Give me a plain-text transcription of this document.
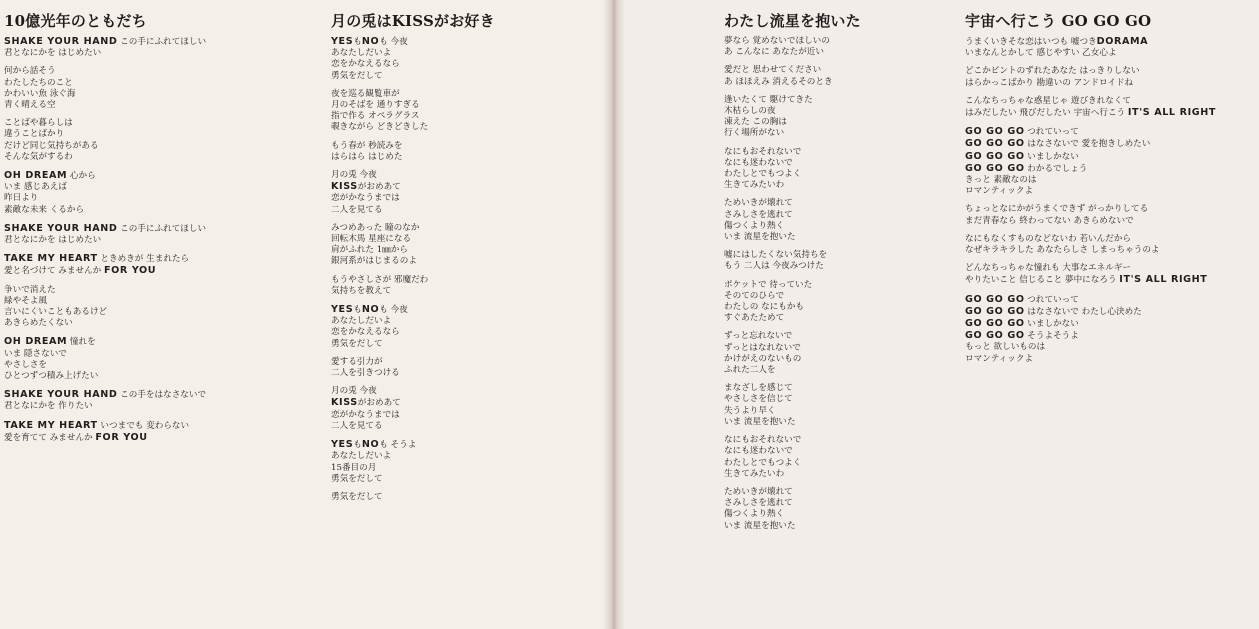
10億光年のともだち
SHAKE YOUR HAND この手にふれてほしい
君となにかを はじめたい
何から話そう
わたしたちのこと
かわいい魚 泳ぐ海
青く晴える空
ことばや暮らしは
違うことばかり
だけど同じ気持ちがある
そんな気がするわ
OH DREAM 心から
いま 感じあえば
昨日より
素敵な未来 くるから
SHAKE YOUR HAND この手にふれてほしい
君となにかを はじめたい
TAKE MY HEART ときめきが 生まれたら
愛と名づけて みませんか FOR YOU
争いで消えた
緑やそよ風
言いにくいこともあるけど
あきらめたくない
OH DREAM 憧れを
いま 隠さないで
やさしさを
ひとつずつ積み上げたい
SHAKE YOUR HAND この手をはなさないで
君となにかを 作りたい
TAKE MY HEART いつまでも 変わらない
愛を育てて みませんか FOR YOU
月の兎はKISSがお好き
YESもNOも 今夜
あなたしだいよ
恋をかなえるなら
勇気をだして
夜を巡る観覧車が
月のそばを 通りすぎる
指で作る オペラグラス
覗きながら どきどきした
もう春が 秒読みを
はらはら はじめた
月の兎 今夜
KISSがおめあて
恋がかなうまでは
二人を見てる
みつめあった 瞳のなか
回転木馬 星座になる
肩がふれた 1㎜から
銀河系がはじまるのよ
もうやさしさが 邪魔だわ
気持ちを教えて
YESもNOも 今夜
あなたしだいよ
恋をかなえるなら
勇気をだして
愛する引力が
二人を引きつける
月の兎 今夜
KISSがおめあて
恋がかなうまでは
二人を見てる
YESもNOも そうよ
あなたしだいよ
15番目の月
勇気をだして
勇気をだして
わたし流星を抱いた
夢なら 覚めないでほしいの
あ こんなに あなたが近い
愛だと 思わせてください
あ ほほえみ 消えるそのとき
逢いたくて 駆けてきた
木枯らしの夜
凍えた この胸は
行く場所がない
なにもおそれないで
なにも迷わないで
わたしとでもつよく
生きてみたいわ
ためいきが壊れて
さみしさを逃れて
傷つくより熱く
いま 流星を抱いた
嘘にはしたくない気持ちを
もう 二人は 今夜みつけた
ポケットで 待っていた
そのてのひらで
わたしの なにもかも
すぐあたためて
ずっと忘れないで
ずっとはなれないで
かけがえのないもの
ふれた二人を
まなざしを感じて
やさしさを信じて
失うより早く
いま 流星を抱いた
なにもおそれないで
なにも迷わないで
わたしとでもつよく
生きてみたいわ
ためいきが壊れて
さみしさを逃れて
傷つくより熱く
いま 流星を抱いた
宇宙へ行こう GO GO GO
うまくいきそな恋はいつも 嘘つきDORAMA
いまなんとかして 感じやすい 乙女心よ
どこかピントのずれたあなた はっきりしない
はらかっこばかり 勘違いの アンドロイドね
こんなちっちゃな惑星じゃ 遊びきれなくて
はみだしたい 飛びだしたい 宇宙へ行こう IT'S ALL RIGHT
GO GO GO つれていって
GO GO GO はなさないで 愛を抱きしめたい
GO GO GO いましかない
GO GO GO わかるでしょう
きっと 素敵なのは
ロマンティックよ
ちょっとなにかがうまくできず がっかりしてる
まだ青春なら 終わってない あきらめないで
なにもなくすものなどないわ 若いんだから
なぜキラキラした あなたらしさ しまっちゃうのよ
どんなちっちゃな憧れも 大事なエネルギー
やりたいこと 信じること 夢中になろう IT'S ALL RIGHT
GO GO GO つれていって
GO GO GO はなさないで わたし心決めた
GO GO GO いましかない
GO GO GO そうよそうよ
もっと 欲しいものは
ロマンティックよ
